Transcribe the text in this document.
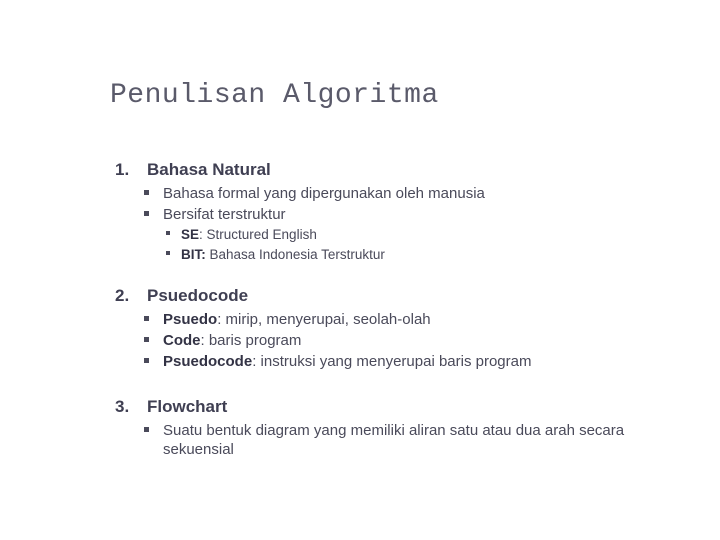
Penulisan Algoritma
1. Bahasa Natural
Bahasa formal yang dipergunakan oleh manusia
Bersifat terstruktur
SE: Structured English
BIT: Bahasa Indonesia Terstruktur
2. Psuedocode
Psuedo: mirip, menyerupai, seolah-olah
Code: baris program
Psuedocode: instruksi yang menyerupai baris program
3. Flowchart
Suatu bentuk diagram yang memiliki aliran satu atau dua arah secara sekuensial
